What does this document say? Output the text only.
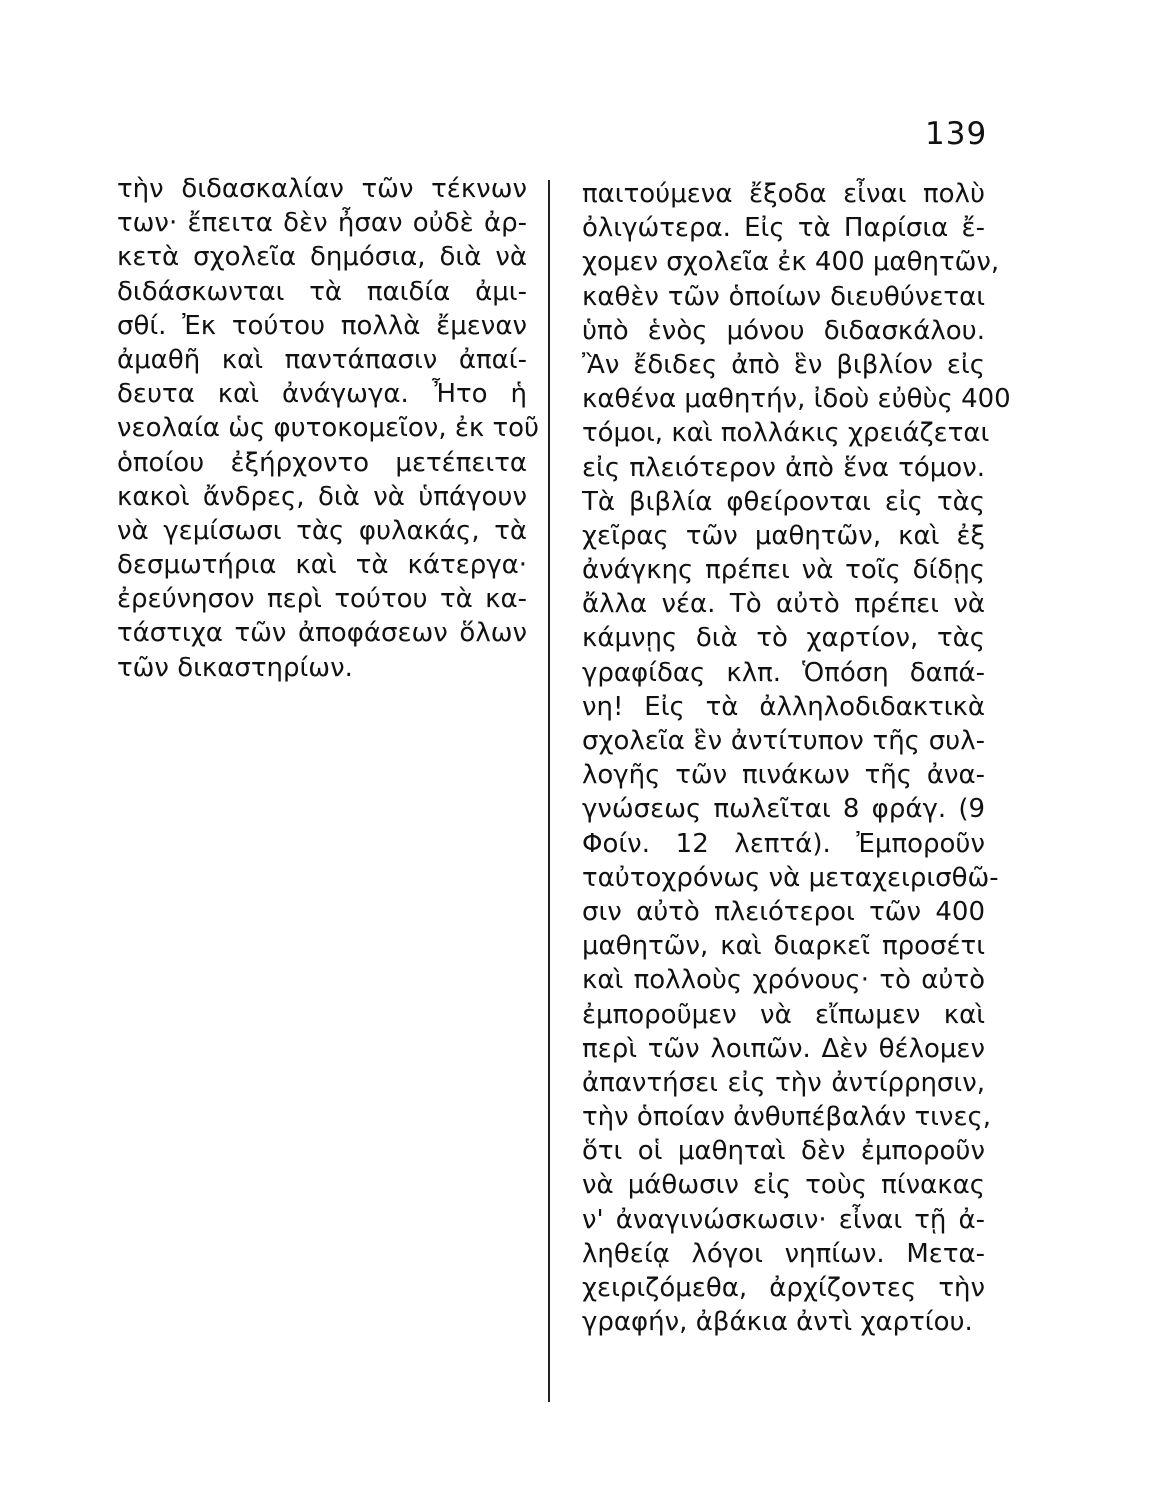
139
τὴν διδασκαλίαν τῶν τέκνων
των· ἔπειτα δὲν ἦσαν οὐδὲ ἀρ-
κετὰ σχολεῖα δημόσια, διὰ νὰ
διδάσκωνται τὰ παιδία ἀμι-
σθί. Ἐκ τούτου πολλὰ ἔμεναν
ἀμαθῆ καὶ παντάπασιν ἀπαί-
δευτα καὶ ἀνάγωγα. Ἦτο ἡ
νεολαία ὡς φυτοκομεῖον, ἐκ τοῦ
ὁποίου ἐξήρχοντο μετέπειτα
κακοὶ ἄνδρες, διὰ νὰ ὑπάγουν
νὰ γεμίσωσι τὰς φυλακάς, τὰ
δεσμωτήρια καὶ τὰ κάτεργα·
ἐρεύνησον περὶ τούτου τὰ κα-
τάστιχα τῶν ἀποφάσεων ὅλων
τῶν δικαστηρίων.
παιτούμενα ἔξοδα εἶναι πολὺ
ὀλιγώτερα. Εἰς τὰ Παρίσια ἔ-
χομεν σχολεῖα ἐκ 400 μαθητῶν,
καθὲν τῶν ὁποίων διευθύνεται
ὑπὸ ἑνὸς μόνου διδασκάλου.
Ἂν ἔδιδες ἀπὸ ἓν βιβλίον εἰς
καθένα μαθητήν, ἰδοὺ εὐθὺς 400
τόμοι, καὶ πολλάκις χρειάζεται
εἰς πλειότερον ἀπὸ ἕνα τόμον.
Τὰ βιβλία φθείρονται εἰς τὰς
χεῖρας τῶν μαθητῶν, καὶ ἐξ
ἀνάγκης πρέπει νὰ τοῖς δίδῃς
ἄλλα νέα. Τὸ αὐτὸ πρέπει νὰ
κάμνῃς διὰ τὸ χαρτίον, τὰς
γραφίδας κλπ. Ὁπόση δαπά-
νη! Εἰς τὰ ἀλληλοδιδακτικὰ
σχολεῖα ἓν ἀντίτυπον τῆς συλ-
λογῆς τῶν πινάκων τῆς ἀνα-
γνώσεως πωλεῖται 8 φράγ. (9
Φοίν. 12 λεπτά). Ἐμποροῦν
ταὐτοχρόνως νὰ μεταχειρισθῶ-
σιν αὐτὸ πλειότεροι τῶν 400
μαθητῶν, καὶ διαρκεῖ προσέτι
καὶ πολλοὺς χρόνους· τὸ αὐτὸ
ἐμποροῦμεν νὰ εἴπωμεν καὶ
περὶ τῶν λοιπῶν. Δὲν θέλομεν
ἀπαντήσει εἰς τὴν ἀντίρρησιν,
τὴν ὁποίαν ἀνθυπέβαλάν τινες,
ὅτι οἱ μαθηταὶ δὲν ἐμποροῦν
νὰ μάθωσιν εἰς τοὺς πίνακας
ν' ἀναγινώσκωσιν· εἶναι τῇ ἀ-
ληθείᾳ λόγοι νηπίων. Μετα-
χειριζόμεθα, ἀρχίζοντες τὴν
γραφήν, ἀβάκια ἀντὶ χαρτίου.
